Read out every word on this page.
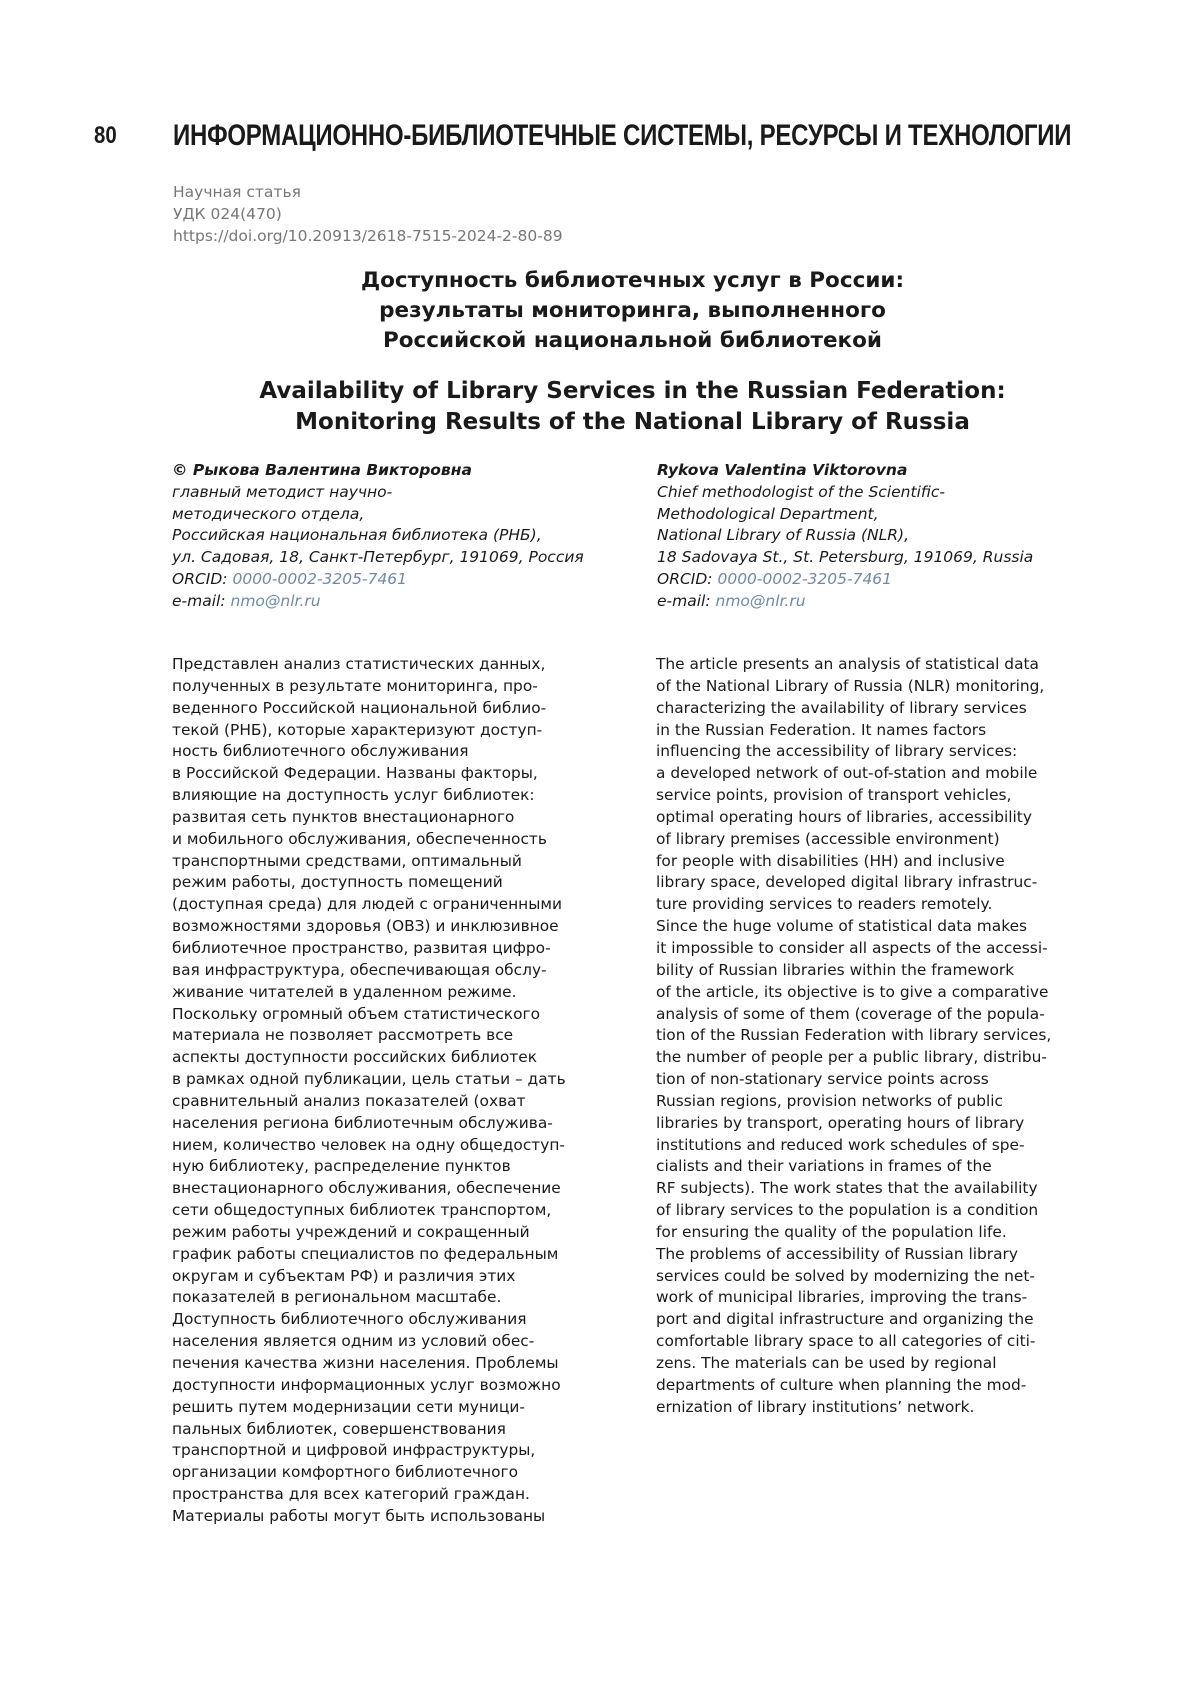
80 ИНФОРМАЦИОННО-БИБЛИОТЕЧНЫЕ СИСТЕМЫ, РЕСУРСЫ И ТЕХНОЛОГИИ
Научная статья
УДК 024(470)
https://doi.org/10.20913/2618-7515-2024-2-80-89
Доступность библиотечных услуг в России:
результаты мониторинга, выполненного
Российской национальной библиотекой
Availability of Library Services in the Russian Federation:
Monitoring Results of the National Library of Russia
© Рыкова Валентина Викторовна
главный методист научно-
методического отдела,
Российская национальная библиотека (РНБ),
ул. Садовая, 18, Санкт-Петербург, 191069, Россия
ORCID: 0000-0002-3205-7461
e-mail: nmo@nlr.ru
Rykova Valentina Viktorovna
Chief methodologist of the Scientific-
Methodological Department,
National Library of Russia (NLR),
18 Sadovaya St., St. Petersburg, 191069, Russia
ORCID: 0000-0002-3205-7461
e-mail: nmo@nlr.ru
Представлен анализ статистических данных,
полученных в результате мониторинга, про-
веденного Российской национальной библио-
текой (РНБ), которые характеризуют доступ-
ность библиотечного обслуживания
в Российской Федерации. Названы факторы,
влияющие на доступность услуг библиотек:
развитая сеть пунктов внестационарного
и мобильного обслуживания, обеспеченность
транспортными средствами, оптимальный
режим работы, доступность помещений
(доступная среда) для людей с ограниченными
возможностями здоровья (ОВЗ) и инклюзивное
библиотечное пространство, развитая цифро-
вая инфраструктура, обеспечивающая обслу-
живание читателей в удаленном режиме.
Поскольку огромный объем статистического
материала не позволяет рассмотреть все
аспекты доступности российских библиотек
в рамках одной публикации, цель статьи – дать
сравнительный анализ показателей (охват
населения региона библиотечным обслужива-
нием, количество человек на одну общедоступ-
ную библиотеку, распределение пунктов
внестационарного обслуживания, обеспечение
сети общедоступных библиотек транспортом,
режим работы учреждений и сокращенный
график работы специалистов по федеральным
округам и субъектам РФ) и различия этих
показателей в региональном масштабе.
Доступность библиотечного обслуживания
населения является одним из условий обес-
печения качества жизни населения. Проблемы
доступности информационных услуг возможно
решить путем модернизации сети муници-
пальных библиотек, совершенствования
транспортной и цифровой инфраструктуры,
организации комфортного библиотечного
пространства для всех категорий граждан.
Материалы работы могут быть использованы
The article presents an analysis of statistical data
of the National Library of Russia (NLR) monitoring,
characterizing the availability of library services
in the Russian Federation. It names factors
influencing the accessibility of library services:
a developed network of out-of-station and mobile
service points, provision of transport vehicles,
optimal operating hours of libraries, accessibility
of library premises (accessible environment)
for people with disabilities (HH) and inclusive
library space, developed digital library infrastruc-
ture providing services to readers remotely.
Since the huge volume of statistical data makes
it impossible to consider all aspects of the accessi-
bility of Russian libraries within the framework
of the article, its objective is to give a comparative
analysis of some of them (coverage of the popula-
tion of the Russian Federation with library services,
the number of people per a public library, distribu-
tion of non-stationary service points across
Russian regions, provision networks of public
libraries by transport, operating hours of library
institutions and reduced work schedules of spe-
cialists and their variations in frames of the
RF subjects). The work states that the availability
of library services to the population is a condition
for ensuring the quality of the population life.
The problems of accessibility of Russian library
services could be solved by modernizing the net-
work of municipal libraries, improving the trans-
port and digital infrastructure and organizing the
comfortable library space to all categories of citi-
zens. The materials can be used by regional
departments of culture when planning the mod-
ernization of library institutions’ network.
